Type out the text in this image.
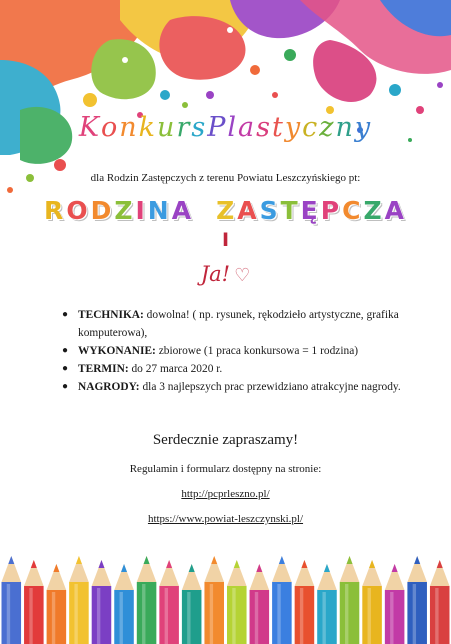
KonkursPlastyczny
dla Rodzin Zastępczych z terenu Powiatu Leszczyńskiego pt:
RODZINA ZASTĘPCZA
I
Ja! ♡
● TECHNIKA: dowolna! ( np. rysunek, rękodzieło artystyczne, grafika komputerowa),
● WYKONANIE: zbiorowe (1 praca konkursowa = 1 rodzina)
● TERMIN: do 27 marca 2020 r.
● NAGRODY: dla 3 najlepszych prac przewidziano atrakcyjne nagrody.
Serdecznie zapraszamy!
Regulamin i formularz dostępny na stronie:
http://pcprleszno.pl/
https://www.powiat-leszczynski.pl/
